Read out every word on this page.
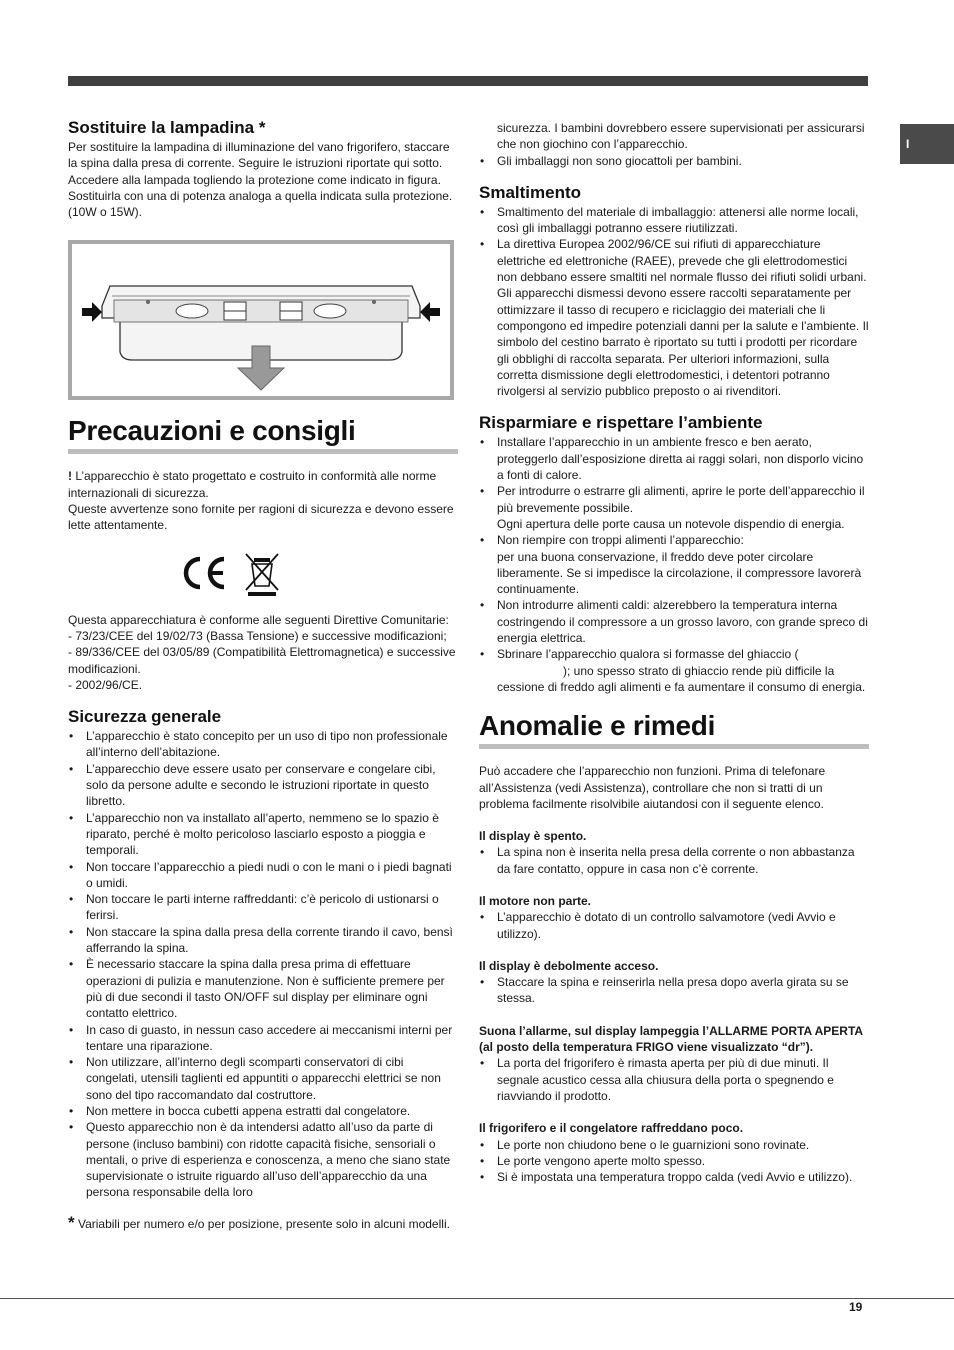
I
Sostituire la lampadina *

Per sostituire la lampadina di illuminazione del vano frigorifero, staccare la spina dalla presa di corrente. Seguire le istruzioni riportate qui sotto. Accedere alla lampada togliendo la protezione come indicato in figura. Sostituirla con una di potenza analoga a quella indicata sulla protezione.(10W o 15W).

Precauzioni e consigli

! L’apparecchio è stato progettato e costruito in conformità alle norme internazionali di sicurezza.

Queste avvertenze sono fornite per ragioni di sicurezza e devono essere lette attentamente.

Questa apparecchiatura è conforme alle seguenti Direttive Comunitarie:

- 73/23/CEE del 19/02/73 (Bassa Tensione) e successive modificazioni;

- 89/336/CEE del 03/05/89 (Compatibilità Elettromagnetica) e successive modificazioni.

- 2002/96/CE.

Sicurezza generale
• L’apparecchio è stato concepito per un uso di tipo non professionale all’interno dell’abitazione.
• L’apparecchio deve essere usato per conservare e congelare cibi, solo da persone adulte e secondo le istruzioni riportate in questo libretto.
• L’apparecchio non va installato all’aperto, nemmeno se lo spazio è riparato, perché è molto pericoloso lasciarlo esposto a pioggia e temporali.
• Non toccare l’apparecchio a piedi nudi o con le mani o i piedi bagnati o umidi.
• Non toccare le parti interne raffreddanti: c’è pericolo di ustionarsi o ferirsi.
• Non staccare la spina dalla presa della corrente tirando il cavo, bensì afferrando la spina.
• È necessario staccare la spina dalla presa prima di effettuare operazioni di pulizia e manutenzione. Non è sufficiente premere per più di due secondi il tasto ON/OFF sul display per eliminare ogni contatto elettrico.
• In caso di guasto, in nessun caso accedere ai meccanismi interni per tentare una riparazione.
• Non utilizzare, all’interno degli scomparti conservatori di cibi congelati, utensili taglienti ed appuntiti o apparecchi elettrici se non sono del tipo raccomandato dal costruttore.
• Non mettere in bocca cubetti appena estratti dal congelatore.
• Questo apparecchio non è da intendersi adatto all’uso da parte di persone (incluso bambini) con ridotte capacità fisiche, sensoriali o mentali, o prive di esperienza e conoscenza, a meno che siano state supervisionate o istruite riguardo all’uso dell’apparecchio da una persona responsabile della loro

* Variabili per numero e/o per posizione, presente solo in alcuni modelli.

sicurezza. I bambini dovrebbero essere supervisionati per assicurarsi che non giochino con l’apparecchio.

• Gli imballaggi non sono giocattoli per bambini.
Smaltimento
• Smaltimento del materiale di imballaggio: attenersi alle norme locali, così gli imballaggi potranno essere riutilizzati.
• La direttiva Europea 2002/96/CE sui rifiuti di apparecchiature elettriche ed elettroniche (RAEE), prevede che gli elettrodomestici non debbano essere smaltiti nel normale flusso dei rifiuti solidi urbani. Gli apparecchi dismessi devono essere raccolti separatamente per ottimizzare il tasso di recupero e riciclaggio dei materiali che li compongono ed impedire potenziali danni per la salute e l’ambiente. Il simbolo del cestino barrato è riportato su tutti i prodotti per ricordare gli obblighi di raccolta separata. Per ulteriori informazioni, sulla corretta dismissione degli elettrodomestici, i detentori potranno rivolgersi al servizio pubblico preposto o ai rivenditori.
Risparmiare e rispettare l’ambiente
• Installare l’apparecchio in un ambiente fresco e ben aerato, proteggerlo dall’esposizione diretta ai raggi solari, non disporlo vicino a fonti di calore.
• Per introdurre o estrarre gli alimenti, aprire le porte dell’apparecchio il più brevemente possibile.
Ogni apertura delle porte causa un notevole dispendio di energia.
• Non riempire con troppi alimenti l’apparecchio:
per una buona conservazione, il freddo deve poter circolare liberamente. Se si impedisce la circolazione, il compressore lavorerà continuamente.
• Non introdurre alimenti caldi: alzerebbero la temperatura interna costringendo il compressore a un grosso lavoro, con grande spreco di energia elettrica.
• Sbrinare l’apparecchio qualora si formasse del ghiaccio (
); uno spesso strato di ghiaccio rende più difficile la cessione di freddo agli alimenti e fa aumentare il consumo di energia.
Anomalie e rimedi

Può accadere che l’apparecchio non funzioni. Prima di telefonare all’Assistenza (vedi Assistenza), controllare che non si tratti di un problema facilmente risolvibile aiutandosi con il seguente elenco.

Il display è spento.

• La spina non è inserita nella presa della corrente o non abbastanza da fare contatto, oppure in casa non c’è corrente.

Il motore non parte.

• L’apparecchio è dotato di un controllo salvamotore (vedi Avvio e utilizzo).

Il display è debolmente acceso.

• Staccare la spina e reinserirla nella presa dopo averla girata su se stessa.

Suona l’allarme, sul display lampeggia l’ALLARME PORTA APERTA (al posto della temperatura FRIGO viene visualizzato “dr”).

• La porta del frigorifero è rimasta aperta per più di due minuti. Il segnale acustico cessa alla chiusura della porta o spegnendo e riavviando il prodotto.

Il frigorifero e il congelatore raffreddano poco.

• Le porte non chiudono bene o le guarnizioni sono rovinate.
• Le porte vengono aperte molto spesso.
• Si è impostata una temperatura troppo calda (vedi Avvio e utilizzo).
19
